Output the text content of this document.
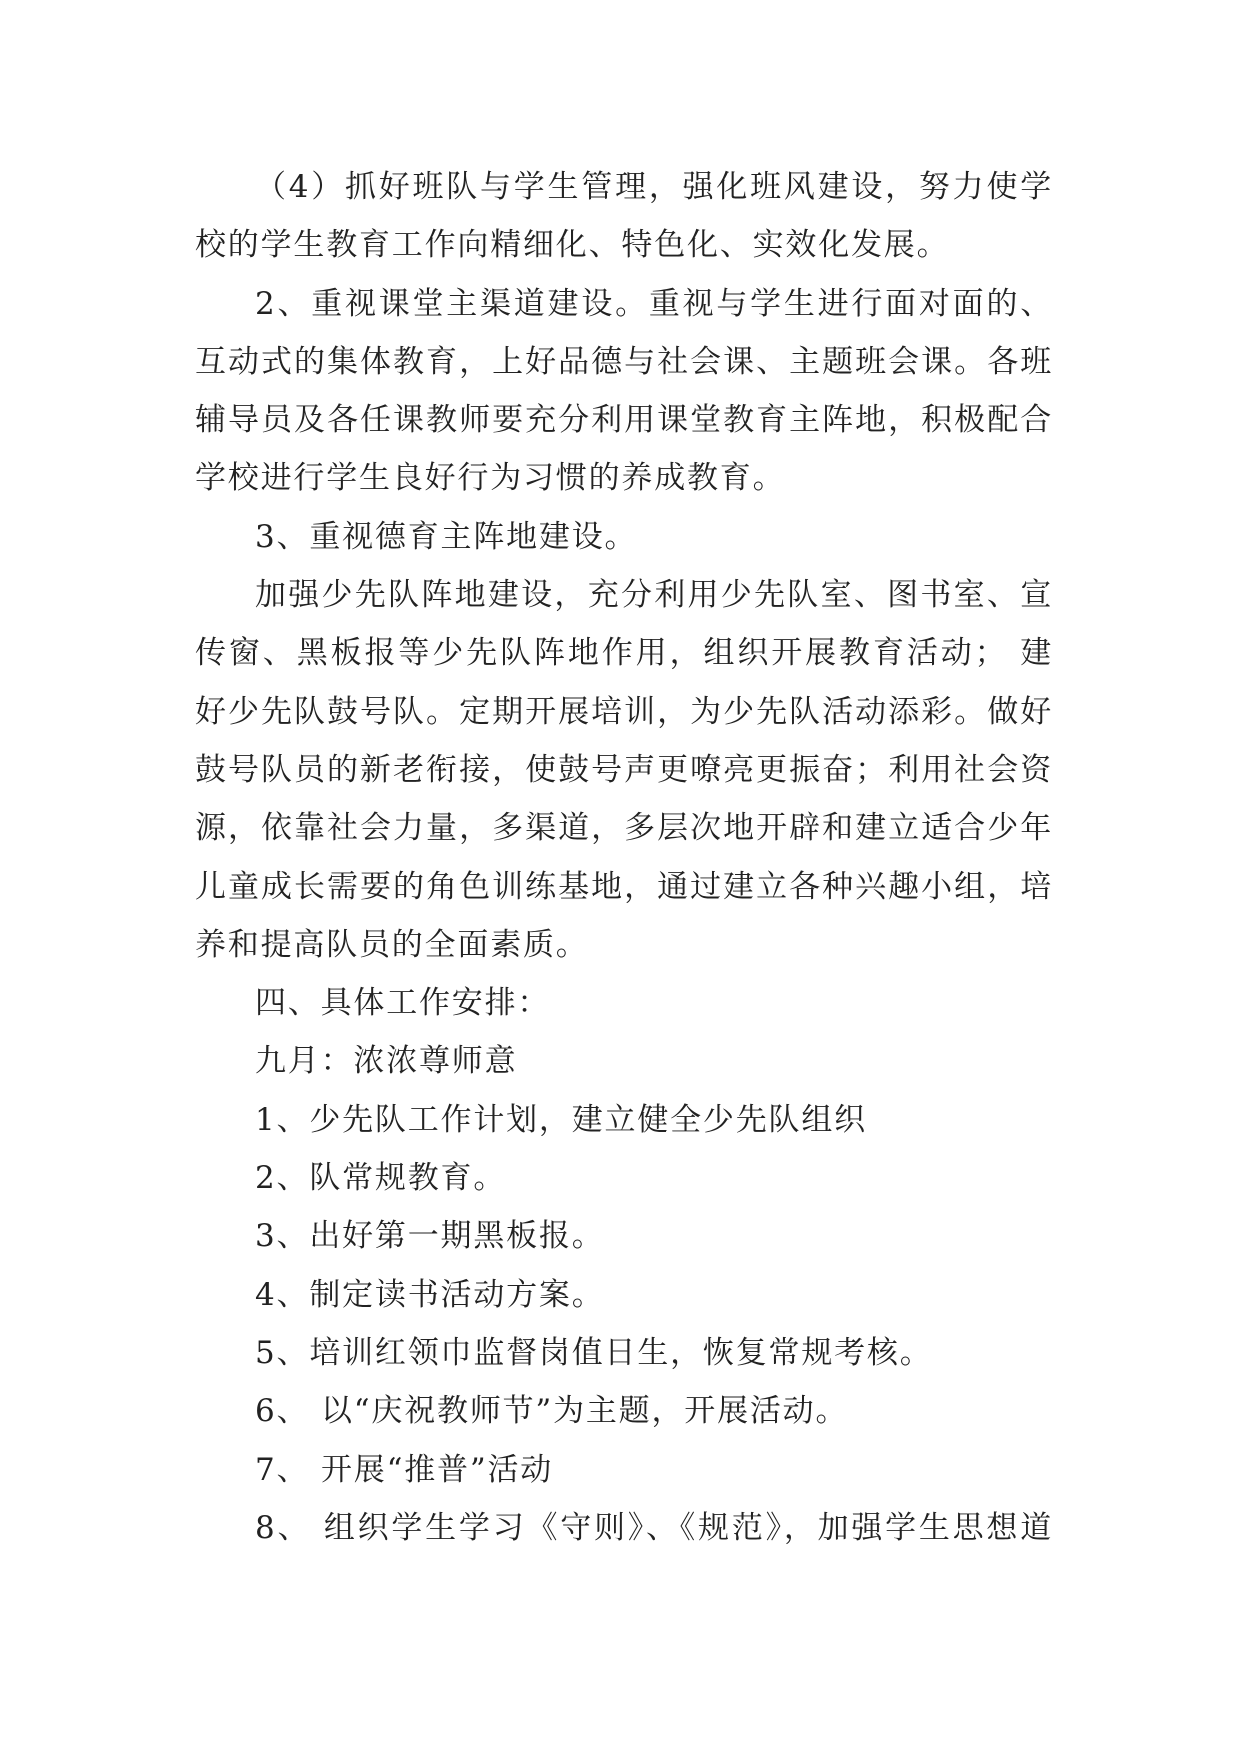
（4）抓好班队与学生管理，强化班风建设，努力使学
校的学生教育工作向精细化、特色化、实效化发展。
2、重视课堂主渠道建设。重视与学生进行面对面的、
互动式的集体教育，上好品德与社会课、主题班会课。各班
辅导员及各任课教师要充分利用课堂教育主阵地，积极配合
学校进行学生良好行为习惯的养成教育。
3、重视德育主阵地建设。
加强少先队阵地建设，充分利用少先队室、图书室、宣
传窗、黑板报等少先队阵地作用，组织开展教育活动； 建
好少先队鼓号队。定期开展培训，为少先队活动添彩。做好
鼓号队员的新老衔接，使鼓号声更嘹亮更振奋；利用社会资
源，依靠社会力量，多渠道，多层次地开辟和建立适合少年
儿童成长需要的角色训练基地，通过建立各种兴趣小组，培
养和提高队员的全面素质。
四、具体工作安排：
九月：浓浓尊师意
1、少先队工作计划，建立健全少先队组织
2、队常规教育。
3、出好第一期黑板报。
4、制定读书活动方案。
5、培训红领巾监督岗值日生，恢复常规考核。
6、 以“庆祝教师节”为主题，开展活动。
7、 开展“推普”活动
8、 组织学生学习《守则》、《规范》，加强学生思想道
